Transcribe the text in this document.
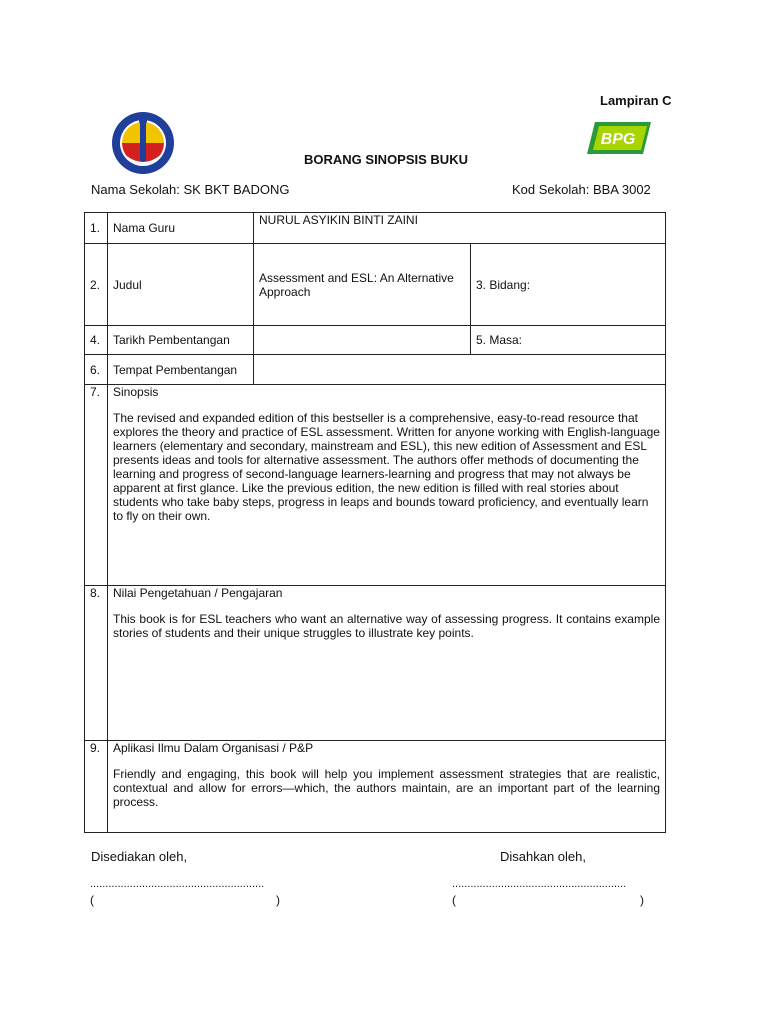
Lampiran C
BPG
BORANG SINOPSIS BUKU
Nama Sekolah: SK BKT BADONG	Kod Sekolah: BBA 3002
1.	Nama Guru	NURUL ASYIKIN BINTI ZAINI	
2.	Judul	Assessment and ESL: An Alternative Approach	3. Bidang:
4.	Tarikh Pembentangan		5. Masa:
6.	Tempat Pembentangan		
7.	Sinopsis
The revised and expanded edition of this bestseller is a comprehensive, easy-to-read resource that explores the theory and practice of ESL assessment. Written for anyone working with English-language learners (elementary and secondary, mainstream and ESL), this new edition of Assessment and ESL presents ideas and tools for alternative assessment. The authors offer methods of documenting the learning and progress of second-language learners-learning and progress that may not always be apparent at first glance. Like the previous edition, the new edition is filled with real stories about students who take baby steps, progress in leaps and bounds toward proficiency, and eventually learn to fly on their own.		

8.	Nilai Pengetahuan / Pengajaran
This book is for ESL teachers who want an alternative way of assessing progress. It contains example stories of students and their unique struggles to illustrate key points.		

9.	Aplikasi Ilmu Dalam Organisasi / P&P
Friendly and engaging, this book will help you implement assessment strategies that are realistic, contextual and allow for errors—which, the authors maintain, are an important part of the learning process.		
Disediakan oleh,	Disahkan oleh,
.........................................................	.........................................................
(	)	(	)
